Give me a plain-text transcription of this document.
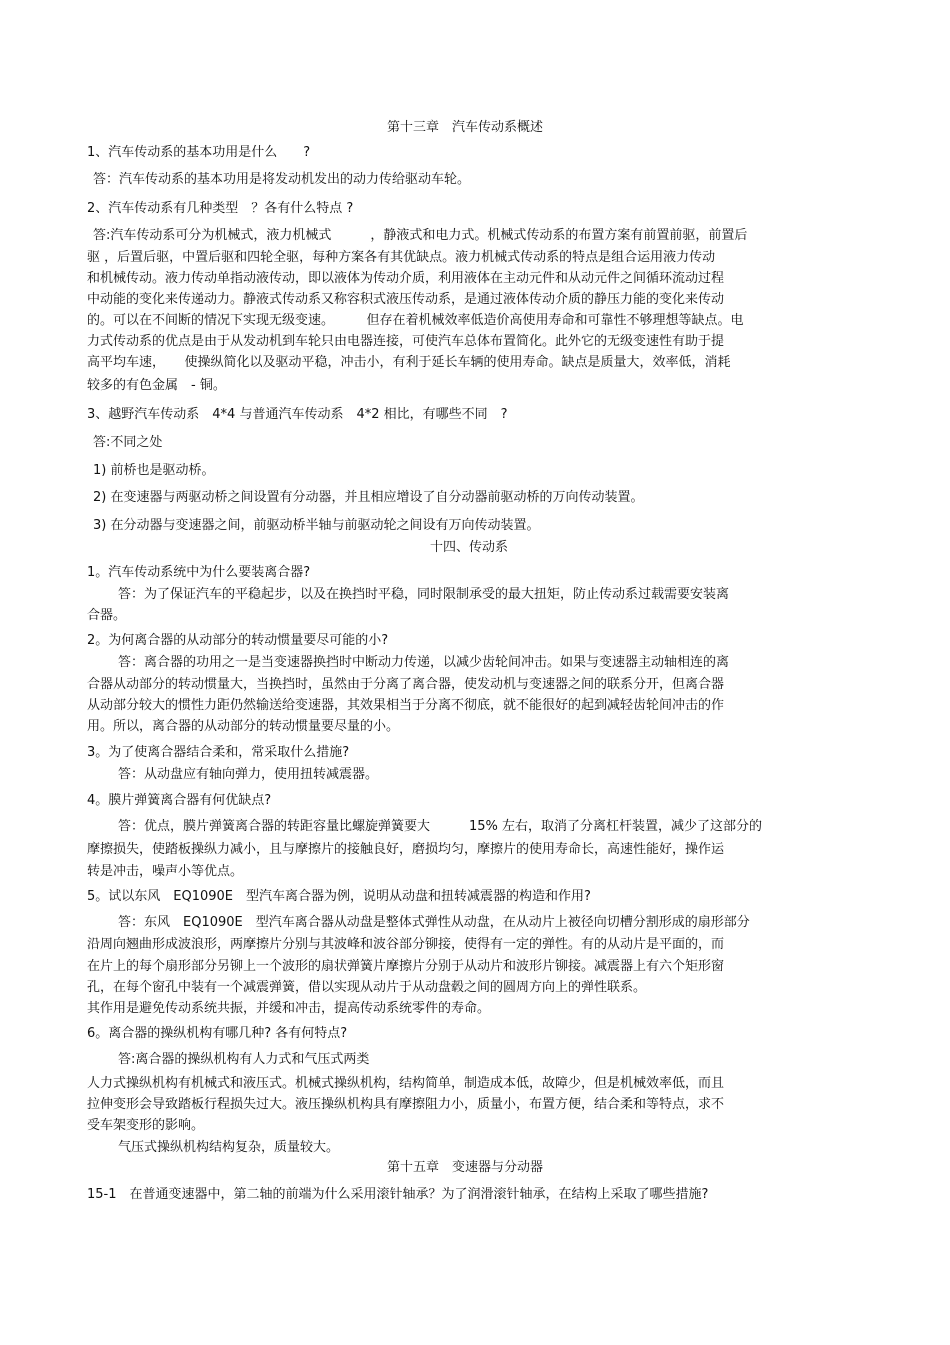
第十三章　汽车传动系概述
1、汽车传动系的基本功用是什么　　?
答：汽车传动系的基本功用是将发动机发出的动力传给驱动车轮。
2、汽车传动系有几种类型　？各有什么特点 ?
答:汽车传动系可分为机械式，液力机械式　　　，静液式和电力式。机械式传动系的布置方案有前置前驱，前置后
驱 ，后置后驱，中置后驱和四轮全驱，每种方案各有其优缺点。液力机械式传动系的特点是组合运用液力传动
和机械传动。液力传动单指动液传动，即以液体为传动介质，利用液体在主动元件和从动元件之间循环流动过程
中动能的变化来传递动力。静液式传动系又称容积式液压传动系，是通过液体传动介质的静压力能的变化来传动
的。可以在不间断的情况下实现无级变速。　　　但存在着机械效率低造价高使用寿命和可靠性不够理想等缺点。电
力式传动系的优点是由于从发动机到车轮只由电器连接，可使汽车总体布置简化。此外它的无级变速性有助于提
高平均车速，　　使操纵简化以及驱动平稳，冲击小，有利于延长车辆的使用寿命。缺点是质量大，效率低，消耗
较多的有色金属　- 铜。
3、越野汽车传动系　4*4 与普通汽车传动系　4*2 相比，有哪些不同　?
答:不同之处
1) 前桥也是驱动桥。
2) 在变速器与两驱动桥之间设置有分动器，并且相应增设了自分动器前驱动桥的万向传动装置。
3) 在分动器与变速器之间，前驱动桥半轴与前驱动轮之间设有万向传动装置。
十四、传动系
1。汽车传动系统中为什么要装离合器?
答：为了保证汽车的平稳起步，以及在换挡时平稳，同时限制承受的最大扭矩，防止传动系过载需要安装离
合器。
2。为何离合器的从动部分的转动惯量要尽可能的小?
答：离合器的功用之一是当变速器换挡时中断动力传递，以减少齿轮间冲击。如果与变速器主动轴相连的离
合器从动部分的转动惯量大，当换挡时，虽然由于分离了离合器，使发动机与变速器之间的联系分开，但离合器
从动部分较大的惯性力距仍然输送给变速器，其效果相当于分离不彻底，就不能很好的起到减轻齿轮间冲击的作
用。所以，离合器的从动部分的转动惯量要尽量的小。
3。为了使离合器结合柔和，常采取什么措施?
答：从动盘应有轴向弹力，使用扭转减震器。
4。膜片弹簧离合器有何优缺点?
答：优点，膜片弹簧离合器的转距容量比螺旋弹簧要大　　　15% 左右，取消了分离杠杆装置，减少了这部分的
摩擦损失，使踏板操纵力减小，且与摩擦片的接触良好，磨损均匀，摩擦片的使用寿命长，高速性能好，操作运
转是冲击，噪声小等优点。
5。试以东风　EQ1090E　型汽车离合器为例，说明从动盘和扭转减震器的构造和作用?
答：东风　EQ1090E　型汽车离合器从动盘是整体式弹性从动盘，在从动片上被径向切槽分割形成的扇形部分
沿周向翘曲形成波浪形，两摩擦片分别与其波峰和波谷部分铆接，使得有一定的弹性。有的从动片是平面的，而
在片上的每个扇形部分另铆上一个波形的扇状弹簧片摩擦片分别于从动片和波形片铆接。减震器上有六个矩形窗
孔，在每个窗孔中装有一个减震弹簧，借以实现从动片于从动盘毂之间的圆周方向上的弹性联系。
其作用是避免传动系统共振，并缓和冲击，提高传动系统零件的寿命。
6。离合器的操纵机构有哪几种? 各有何特点?
答:离合器的操纵机构有人力式和气压式两类
人力式操纵机构有机械式和液压式。机械式操纵机构，结构简单，制造成本低，故障少，但是机械效率低，而且
拉伸变形会导致踏板行程损失过大。液压操纵机构具有摩擦阻力小，质量小，布置方便，结合柔和等特点，求不
受车架变形的影响。
气压式操纵机构结构复杂，质量较大。
第十五章　变速器与分动器
15-1　在普通变速器中，第二轴的前端为什么采用滚针轴承？为了润滑滚针轴承，在结构上采取了哪些措施?
